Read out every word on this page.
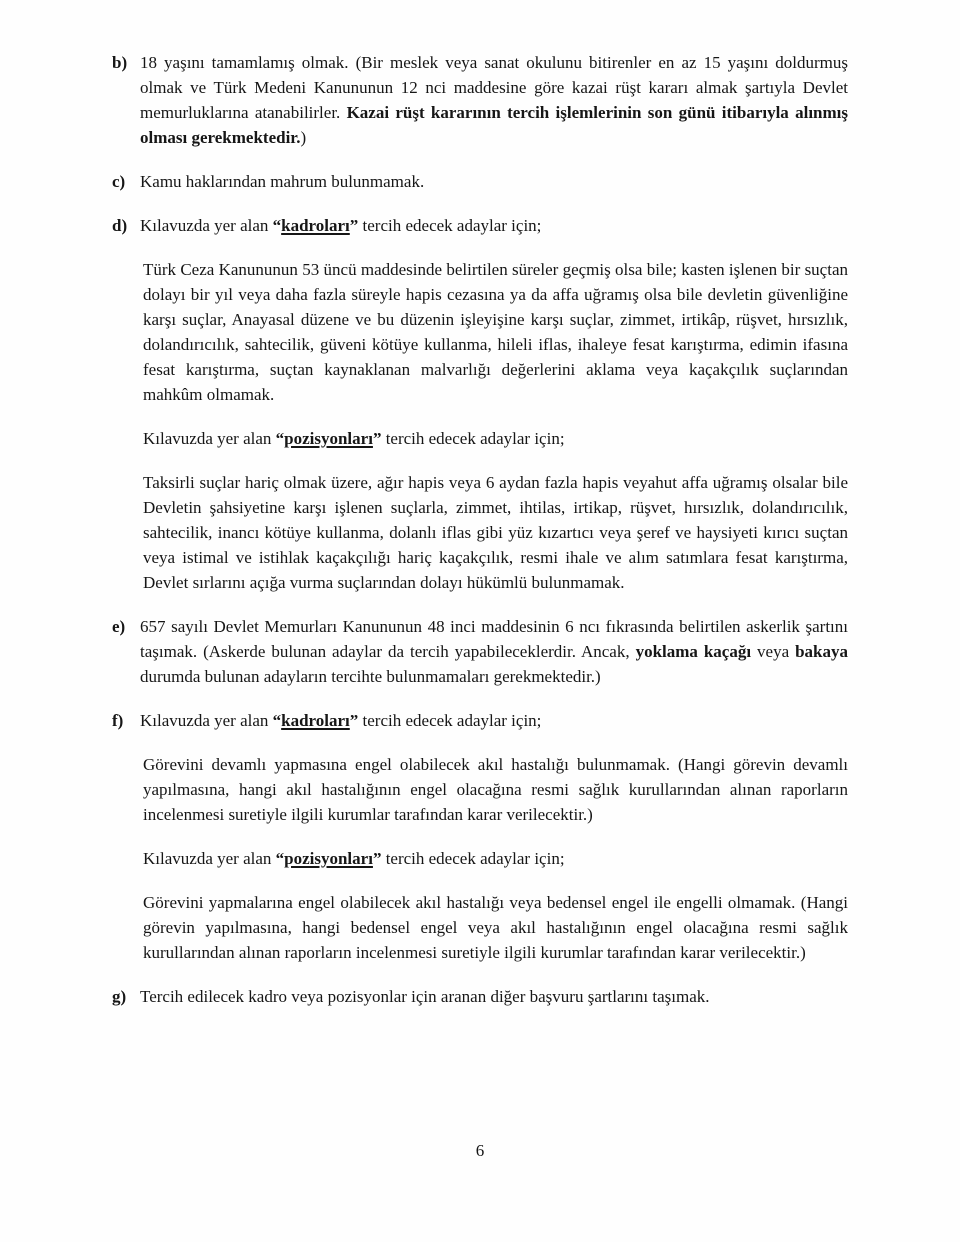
b) 18 yaşını tamamlamış olmak. (Bir meslek veya sanat okulunu bitirenler en az 15 yaşını doldurmuş olmak ve Türk Medeni Kanununun 12 nci maddesine göre kazai rüşt kararı almak şartıyla Devlet memurluklarına atanabilirler. Kazai rüşt kararının tercih işlemlerinin son günü itibarıyla alınmış olması gerekmektedir.)
c) Kamu haklarından mahrum bulunmamak.
d) Kılavuzda yer alan “kadroları” tercih edecek adaylar için;
Türk Ceza Kanununun 53 üncü maddesinde belirtilen süreler geçmiş olsa bile; kasten işlenen bir suçtan dolayı bir yıl veya daha fazla süreyle hapis cezasına ya da affa uğramış olsa bile devletin güvenliğine karşı suçlar, Anayasal düzene ve bu düzenin işleyişine karşı suçlar, zimmet, irtikâp, rüşvet, hırsızlık, dolandırıcılık, sahtecilik, güveni kötüye kullanma, hileli iflas, ihaleye fesat karıştırma, edimin ifasına fesat karıştırma, suçtan kaynaklanan malvarlığı değerlerini aklama veya kaçakçılık suçlarından mahkûm olmamak.
Kılavuzda yer alan “pozisyonları” tercih edecek adaylar için;
Taksirli suçlar hariç olmak üzere, ağır hapis veya 6 aydan fazla hapis veyahut affa uğramış olsalar bile Devletin şahsiyetine karşı işlenen suçlarla, zimmet, ihtilas, irtikap, rüşvet, hırsızlık, dolandırıcılık, sahtecilik, inancı kötüye kullanma, dolanlı iflas gibi yüz kızartıcı veya şeref ve haysiyeti kırıcı suçtan veya istimal ve istihlak kaçakçılığı hariç kaçakçılık, resmi ihale ve alım satımlara fesat karıştırma, Devlet sırlarını açığa vurma suçlarından dolayı hükümlü bulunmamak.
e) 657 sayılı Devlet Memurları Kanununun 48 inci maddesinin 6 ncı fıkrasında belirtilen askerlik şartını taşımak. (Askerde bulunan adaylar da tercih yapabileceklerdir. Ancak, yoklama kaçağı veya bakaya durumda bulunan adayların tercihte bulunmamaları gerekmektedir.)
f) Kılavuzda yer alan “kadroları” tercih edecek adaylar için;
Görevini devamlı yapmasına engel olabilecek akıl hastalığı bulunmamak. (Hangi görevin devamlı yapılmasına, hangi akıl hastalığının engel olacağına resmi sağlık kurullarından alınan raporların incelenmesi suretiyle ilgili kurumlar tarafından karar verilecektir.)
Kılavuzda yer alan “pozisyonları” tercih edecek adaylar için;
Görevini yapmalarına engel olabilecek akıl hastalığı veya bedensel engel ile engelli olmamak. (Hangi görevin yapılmasına, hangi bedensel engel veya akıl hastalığının engel olacağına resmi sağlık kurullarından alınan raporların incelenmesi suretiyle ilgili kurumlar tarafından karar verilecektir.)
g) Tercih edilecek kadro veya pozisyonlar için aranan diğer başvuru şartlarını taşımak.
6
